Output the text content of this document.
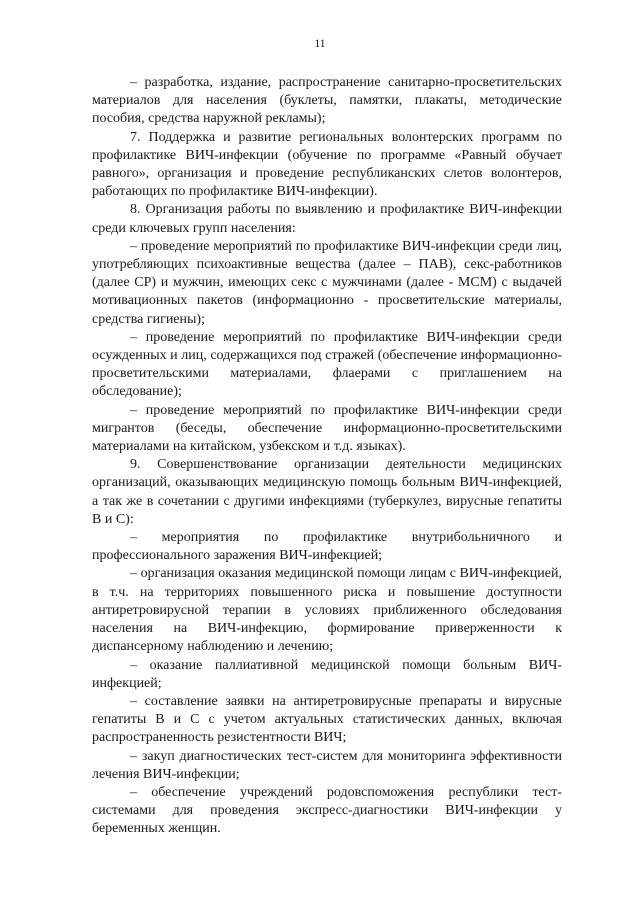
11

– разработка, издание, распространение санитарно-просветительских материалов для населения (буклеты, памятки, плакаты, методические пособия, средства наружной рекламы);

7. Поддержка и развитие региональных волонтерских программ по профилактике ВИЧ-инфекции (обучение по программе «Равный обучает равного», организация и проведение республиканских слетов волонтеров, работающих по профилактике ВИЧ-инфекции).

8. Организация работы по выявлению и профилактике ВИЧ-инфекции среди ключевых групп населения:

– проведение мероприятий по профилактике ВИЧ-инфекции среди лиц, употребляющих психоактивные вещества (далее – ПАВ), секс-работников (далее СР) и мужчин, имеющих секс с мужчинами (далее - МСМ) с выдачей мотивационных пакетов (информационно - просветительские материалы, средства гигиены);

– проведение мероприятий по профилактике ВИЧ-инфекции среди осужденных и лиц, содержащихся под стражей (обеспечение информационно-просветительскими материалами, флаерами с приглашением на обследование);

– проведение мероприятий по профилактике ВИЧ-инфекции среди мигрантов (беседы, обеспечение информационно-просветительскими материалами на китайском, узбекском и т.д. языках).

9. Совершенствование организации деятельности медицинских организаций, оказывающих медицинскую помощь больным ВИЧ-инфекцией, а так же в сочетании с другими инфекциями (туберкулез, вирусные гепатиты В и С):

– мероприятия по профилактике внутрибольничного и профессионального заражения ВИЧ-инфекцией;

– организация оказания медицинской помощи лицам с ВИЧ-инфекцией, в т.ч. на территориях повышенного риска и повышение доступности антиретровирусной терапии в условиях приближенного обследования населения на ВИЧ-инфекцию, формирование приверженности к диспансерному наблюдению и лечению;

– оказание паллиативной медицинской помощи больным ВИЧ-инфекцией;

– составление заявки на антиретровирусные препараты и вирусные гепатиты В и С с учетом актуальных статистических данных, включая распространенность резистентности ВИЧ;

– закуп диагностических тест-систем для мониторинга эффективности лечения ВИЧ-инфекции;

– обеспечение учреждений родовспоможения республики тест-системами для проведения экспресс-диагностики ВИЧ-инфекции у беременных женщин.
